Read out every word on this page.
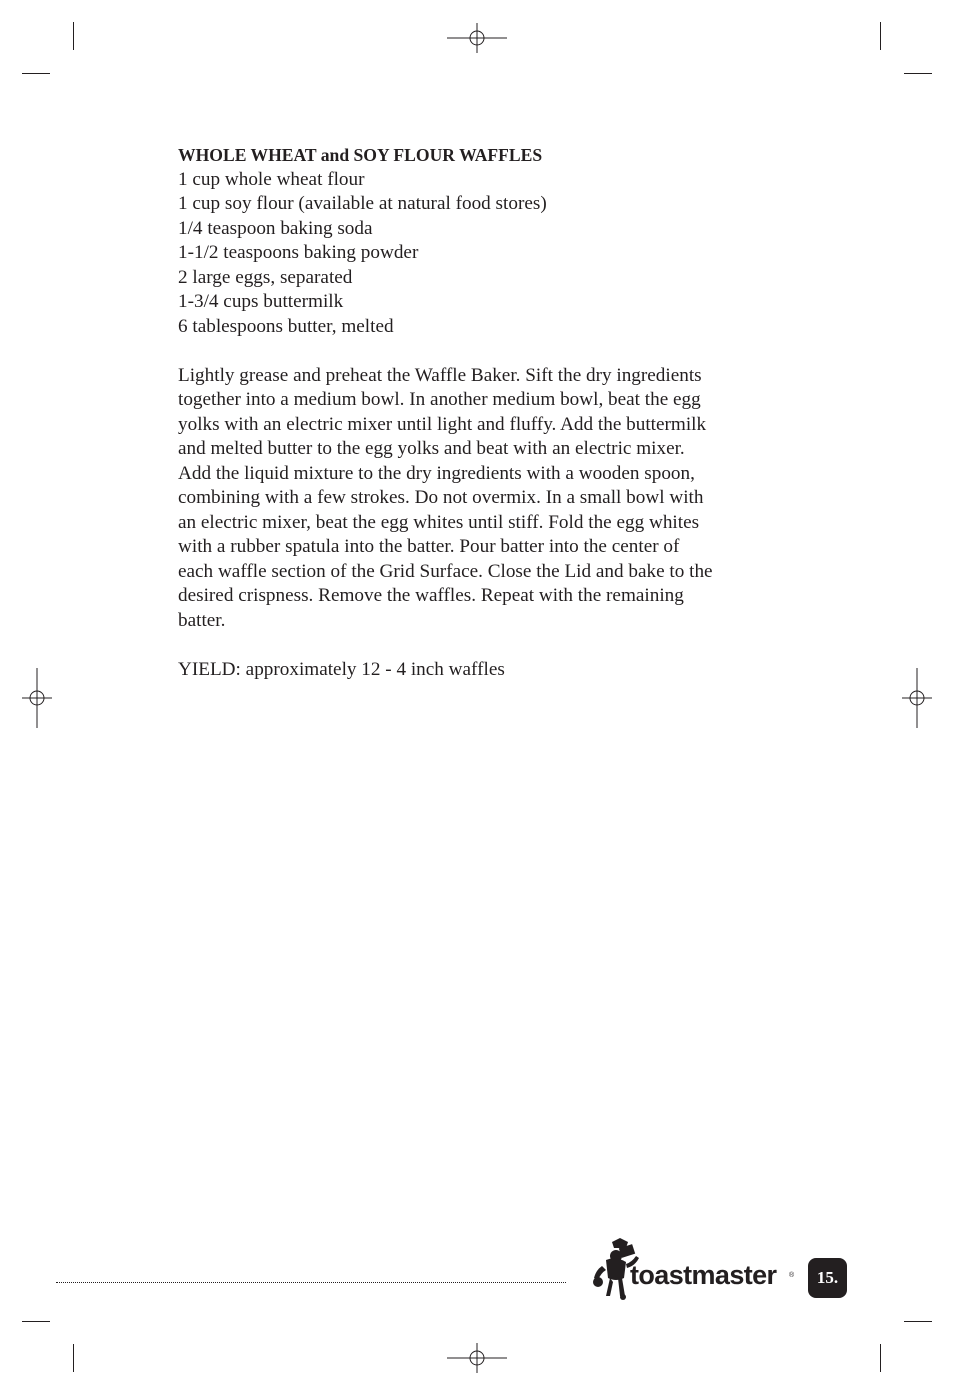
WHOLE WHEAT and SOY FLOUR WAFFLES
1 cup whole wheat flour
1 cup soy flour (available at natural food stores)
1/4 teaspoon baking soda
1-1/2 teaspoons baking powder
2 large eggs, separated
1-3/4 cups buttermilk
6 tablespoons butter, melted
Lightly grease and preheat the Waffle Baker. Sift the dry ingredients
together into a medium bowl. In another medium bowl, beat the egg
yolks with an electric mixer until light and fluffy. Add the buttermilk
and melted butter to the egg yolks and beat with an electric mixer.
Add the liquid mixture to the dry ingredients with a wooden spoon,
combining with a few strokes. Do not overmix. In a small bowl with
an electric mixer, beat the egg whites until stiff. Fold the egg whites
with a rubber spatula into the batter. Pour batter into the center of
each waffle section of the Grid Surface. Close the Lid and bake to the
desired crispness. Remove the waffles. Repeat with the remaining
batter.
YIELD: approximately 12 - 4 inch waffles
toastmaster ® 15.
